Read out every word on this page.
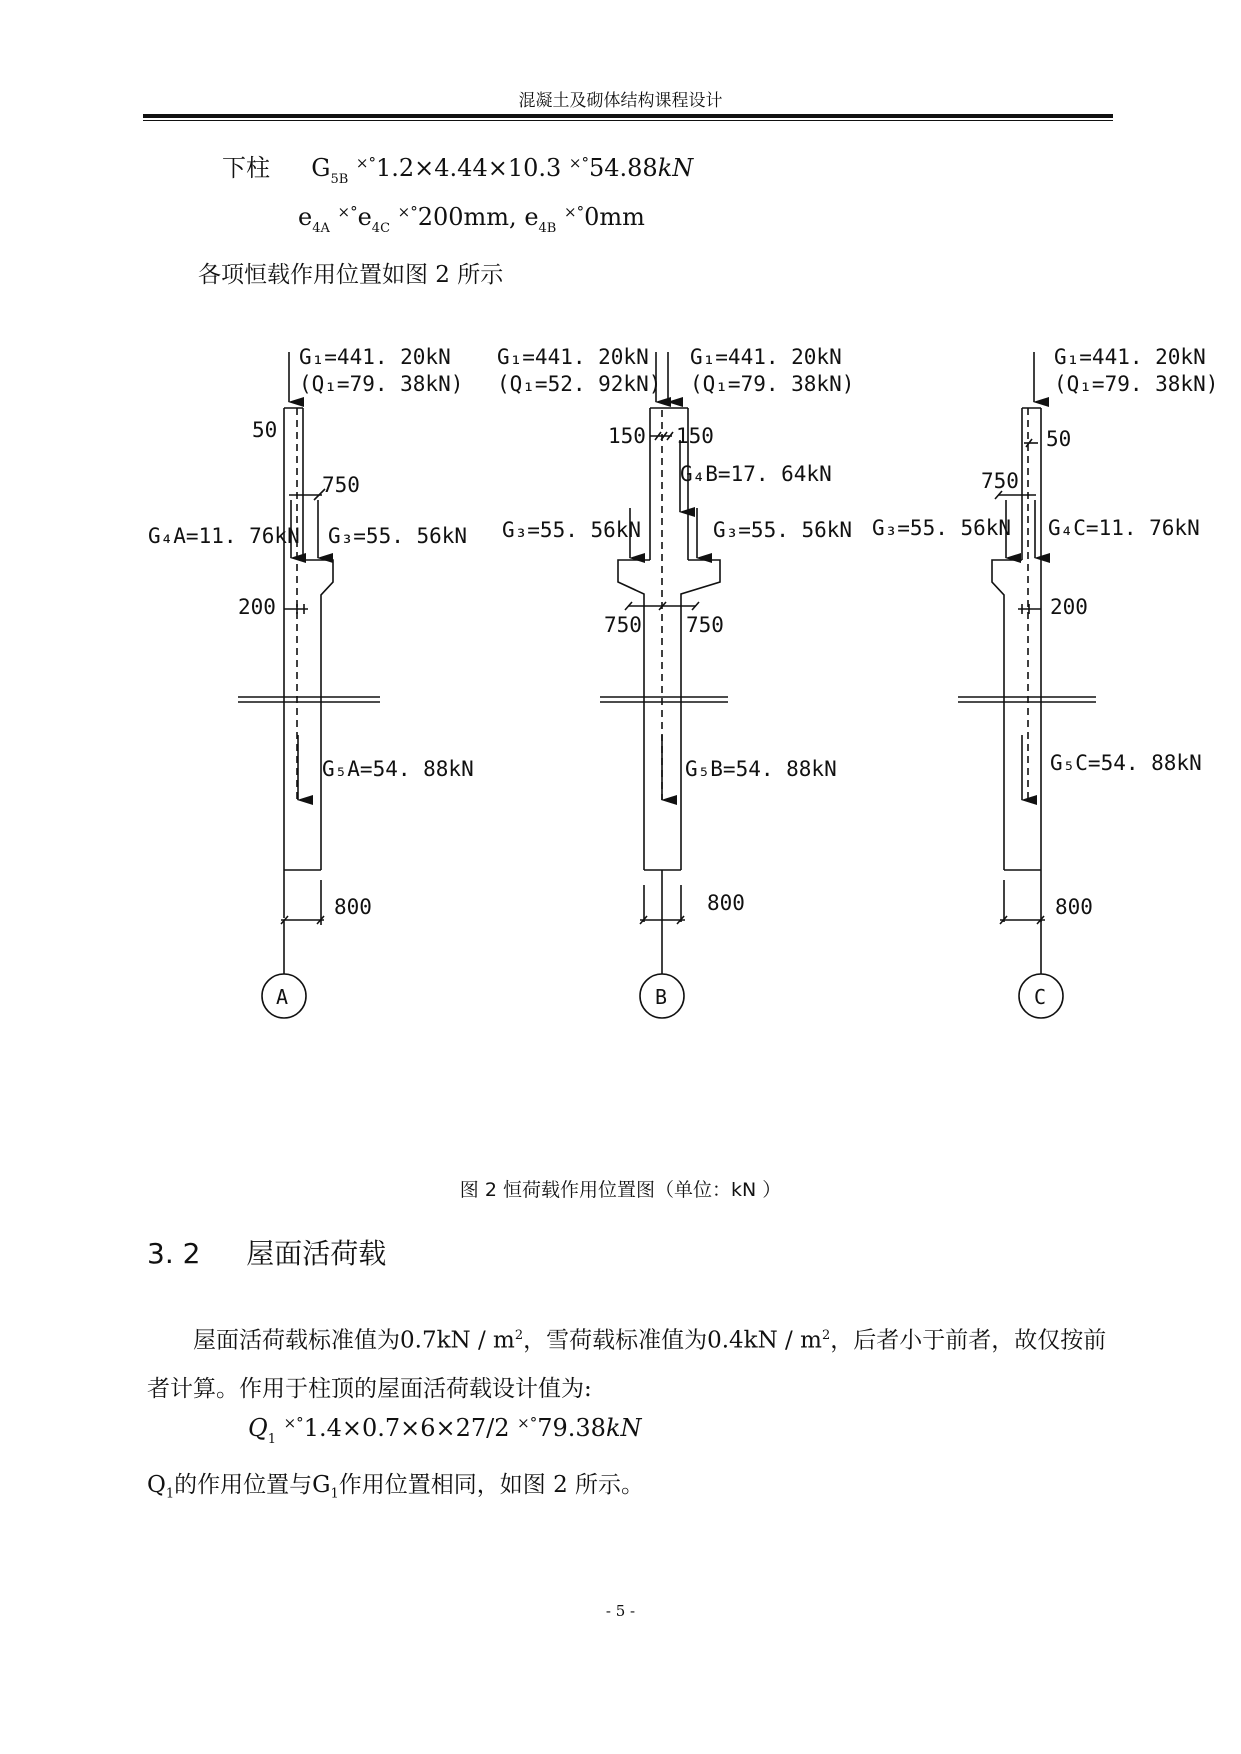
混凝土及砌体结构课程设计
下柱 $G_{5B}$ ×°1.2×4.44×10.3 ×°54.88kN
$e_{4A}$ $^{\times^\circ}e_{4C}$ ×°200mm, $e_{4B}$ ×°0mm
各项恒载作用位置如图 2 所示
G₁=441. 20kN
(Q₁=79. 38kN)
50
750
G₄A=11. 76kN G₃=55. 56kN
200
G₅A=54. 88kN
800
A
G₁=441. 20kN
(Q₁=52. 92kN)
G₁=441. 20kN
(Q₁=79. 38kN)
150 150
G₄B=17. 64kN
G₃=55. 56kN	G₃=55. 56kN
750 750
G₅B=54. 88kN
800
B
G₁=441. 20kN
(Q₁=79. 38kN)
50
750
G₃=55. 56kN G₄C=11. 76kN
200
G₅C=54. 88kN
800
C
图 2 恒荷载作用位置图（单位：kN ）
3. 2 屋面活荷载
屋面活荷载标准值为$0.7kN / m^2$，雪荷载标准值为$0.4kN / m^2$，后者小于前者，故仅按前者计算。作用于柱顶的屋面活荷载设计值为:
$Q_1$ ×°1.4×0.7×6×27/2 ×°79.38kN
$Q_1$的作用位置与$G_1$作用位置相同，如图 2 所示。
- 5 -
